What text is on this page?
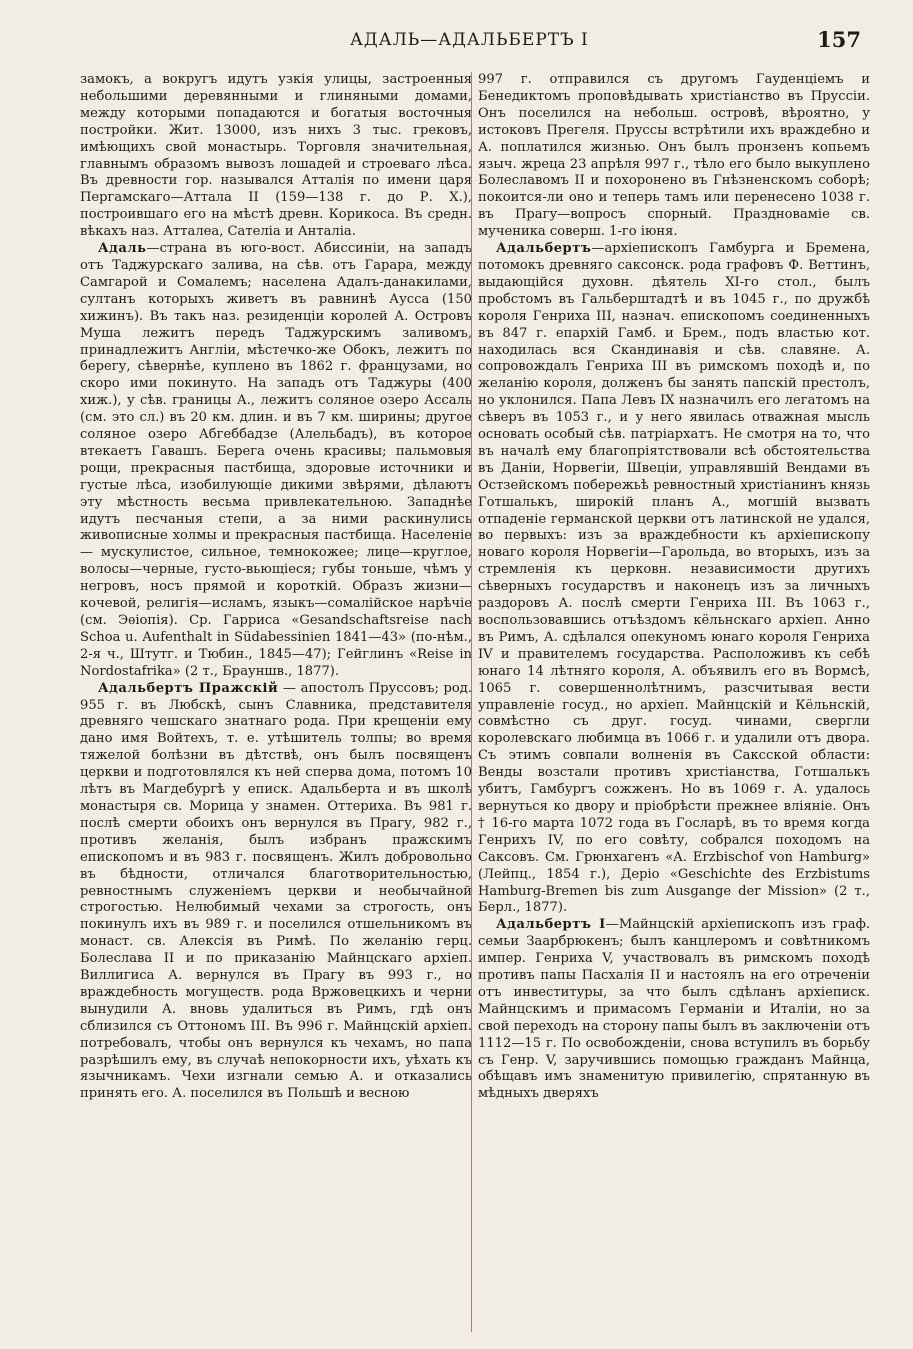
АДАЛЬ—АДАЛЬБЕРТЪ I	157

замокъ, а вокругъ идутъ узкія улицы, застроенныя небольшими деревянными и глиняными домами, между которыми попадаются и богатыя восточныя постройки. Жит. 13000, изъ нихъ 3 тыс. грековъ, имѣющихъ свой монастырь. Торговля значительная, главнымъ образомъ вывозъ лошадей и строеваго лѣса. Въ древности гор. назывался Атталія по имени царя Пергамскаго—Аттала II (159—138 г. до Р. Х.), построившаго его на мѣстѣ древн. Корикоса. Въ средн. вѣкахъ наз. Атталеа, Сателіа и Анталіа.

Адаль—страна въ юго-вост. Абиссиніи, на западъ отъ Таджурскаго залива, на сѣв. отъ Гарара, между Самгарой и Сомалемъ; населена Адалъ-данакилами, султанъ которыхъ живетъ въ равнинѣ Аусса (150 хижинъ). Въ такъ наз. резиденціи королей А. Островъ Муша лежитъ передъ Таджурскимъ заливомъ, принадлежитъ Англіи, мѣстечко-же Обокъ, лежитъ по берегу, сѣвернѣе, куплено въ 1862 г. французами, но скоро ими покинуто. На западъ отъ Таджуры (400 хиж.), у сѣв. границы А., лежитъ соляное озеро Ассаль (см. это сл.) въ 20 км. длин. и въ 7 км. ширины; другое соляное озеро Абгеббадзе (Алельбадъ), въ которое втекаетъ Гавашъ. Берега очень красивы; пальмовыя рощи, прекрасныя пастбища, здоровые источники и густые лѣса, изобилующіе дикими звѣрями, дѣлаютъ эту мѣстность весьма привлекательною. Западнѣе идутъ песчаныя степи, а за ними раскинулись живописные холмы и прекрасныя пастбища. Населеніе — мускулистое, сильное, темнокожее; лице—круглое, волосы—черные, густо-вьющіеся; губы тоньше, чѣмъ у негровъ, носъ прямой и короткій. Образъ жизни—кочевой, религія—исламъ, языкъ—сомалійское нарѣчіе (см. Эѳіопія). Ср. Гарриса «Gesandschaftsreise nach Schoa u. Aufenthalt in Südabessinien 1841—43» (по-нѣм., 2-я ч., Штутг. и Тюбин., 1845—47); Гейглинъ «Reise in Nordostafrika» (2 т., Брауншв., 1877).

Адальбертъ Пражскій — апостолъ Пруссовъ; род. 955 г. въ Любскѣ, сынъ Славника, представителя древняго чешскаго знатнаго рода. При крещеніи ему дано имя Войтехъ, т. е. утѣшитель толпы; во время тяжелой болѣзни въ дѣтствѣ, онъ былъ посвященъ церкви и подготовлялся къ ней сперва дома, потомъ 10 лѣтъ въ Магдебургѣ у епиcк. Адальберта и въ школѣ монастыря св. Морица у знамен. Оттериха. Въ 981 г. послѣ смерти обоихъ онъ вернулся въ Прагу, 982 г., противъ желанія, былъ избранъ пражскимъ епископомъ и въ 983 г. посвященъ. Жилъ добровольно въ бѣдности, отличался благотворительностью, ревностнымъ служеніемъ церкви и необычайной строгостью. Нелюбимый чехами за строгость, онъ покинулъ ихъ въ 989 г. и поселился отшельникомъ въ монаст. св. Алексія въ Римѣ. По желанію герц. Болеслава II и по приказанію Майнцскаго архіеп. Виллигиса А. вернулся въ Прагу въ 993 г., но враждебность могуществ. рода Вржовецкихъ и черни вынудили А. вновь удалиться въ Римъ, гдѣ онъ сблизился съ Оттономъ III. Въ 996 г. Майнцскій архіеп. потребовалъ, чтобы онъ вернулся къ чехамъ, но папа разрѣшилъ ему, въ случаѣ непокорности ихъ, уѣхать къ язычникамъ. Чехи изгнали семью А. и отказались принять его. А. поселился въ Польшѣ и весною

997 г. отправился съ другомъ Гауденціемъ и Бенедиктомъ проповѣдывать христіанство въ Пруссіи. Онъ поселился на небольш. островѣ, вѣроятно, у истоковъ Прегеля. Пруссы встрѣтили ихъ враждебно и А. поплатился жизнью. Онъ былъ пронзенъ копьемъ языч. жреца 23 апрѣля 997 г., тѣло его было выкуплено Болеславомъ II и похоронено въ Гнѣзненскомъ соборѣ; покоится-ли оно и теперь тамъ или перенесено 1038 г. въ Прагу—вопросъ спорный. Праздноваміе св. мученика соверш. 1-го іюня.

Адальбертъ—архіепископъ Гамбурга и Бремена, потомокъ древняго саксонск. рода графовъ Ф. Веттинъ, выдающійся духовн. дѣятель XI-го стол., былъ пробстомъ въ Гальберштадтѣ и въ 1045 г., по дружбѣ короля Генриха III, назнач. епископомъ соединенныхъ въ 847 г. епархій Гамб. и Брем., подъ властью кот. находилась вся Скандинавія и сѣв. славяне. А. сопровождалъ Генриха III въ римскомъ походѣ и, по желанію короля, долженъ бы занять папскій престолъ, но уклонился. Папа Левъ IX назначилъ его легатомъ на сѣверъ въ 1053 г., и у него явилась отважная мысль основать особый сѣв. патріархатъ. Не смотря на то, что въ началѣ ему благопріятствовали всѣ обстоятельства въ Даніи, Норвегіи, Швеціи, управлявшій Вендами въ Остзейскомъ поберeжьѣ ревностный христіанинъ князь Готшалькъ, широкій планъ А., могшій вызвать отпаденіе германской церкви отъ латинской не удался, во первыхъ: изъ за враждебности къ архіепископу новаго короля Норвегіи—Гарольда, во вторыхъ, изъ за стремленія къ церковн. независимости другихъ сѣверныхъ государствъ и наконецъ изъ за личныхъ раздоровъ А. послѣ смерти Генриха III. Въ 1063 г., воспользовавшись отъѣздомъ кёльнскаго архіеп. Анно въ Римъ, А. сдѣлался опекуномъ юнаго короля Генриха IV и правителемъ государства. Расположивъ къ себѣ юнаго 14 лѣтняго короля, А. объявилъ его въ Вормсѣ, 1065 г. совершеннолѣтнимъ, разсчитывая вести управленіе госуд., но архіеп. Майнцскій и Кёльнскій, совмѣстно съ друг. госуд. чинами, свергли королевскаго любимца въ 1066 г. и удалили отъ двора. Съ этимъ совпали волненія въ Саксской области: Венды возстали противъ христіанства, Готшалькъ убитъ, Гамбургъ сожженъ. Но въ 1069 г. А. удалось вернуться ко двору и пріобрѣсти прежнее вліяніе. Онъ † 16-го марта 1072 года въ Госларѣ, въ то время когда Генрихъ IV, по его совѣту, собрался походомъ на Саксовъ. См. Грюнхагенъ «A. Erzbischof von Hamburg» (Лейпц., 1854 г.), Дерiо «Geschichte des Erzbistums Hamburg-Bremen bis zum Ausgange der Mission» (2 т., Берл., 1877).

Адальбертъ I—Майнцскій архіепископъ изъ граф. семьи Заарбрюкенъ; былъ канцлеромъ и совѣтникомъ импер. Генриха V, участвовалъ въ римскомъ походѣ противъ папы Пасхалія II и настоялъ на его отреченіи отъ инвеституры, за что былъ сдѣланъ архіеписк. Майнцскимъ и примасомъ Германіи и Италіи, но за свой переходъ на сторону папы былъ въ заключеніи отъ 1112—15 г. По освобожденіи, снова вступилъ въ борьбу съ Генр. V, заручившись помощью гражданъ Майнца, обѣщавъ имъ знаменитую привилегію, спрятанную въ мѣдныхъ дверяхъ
